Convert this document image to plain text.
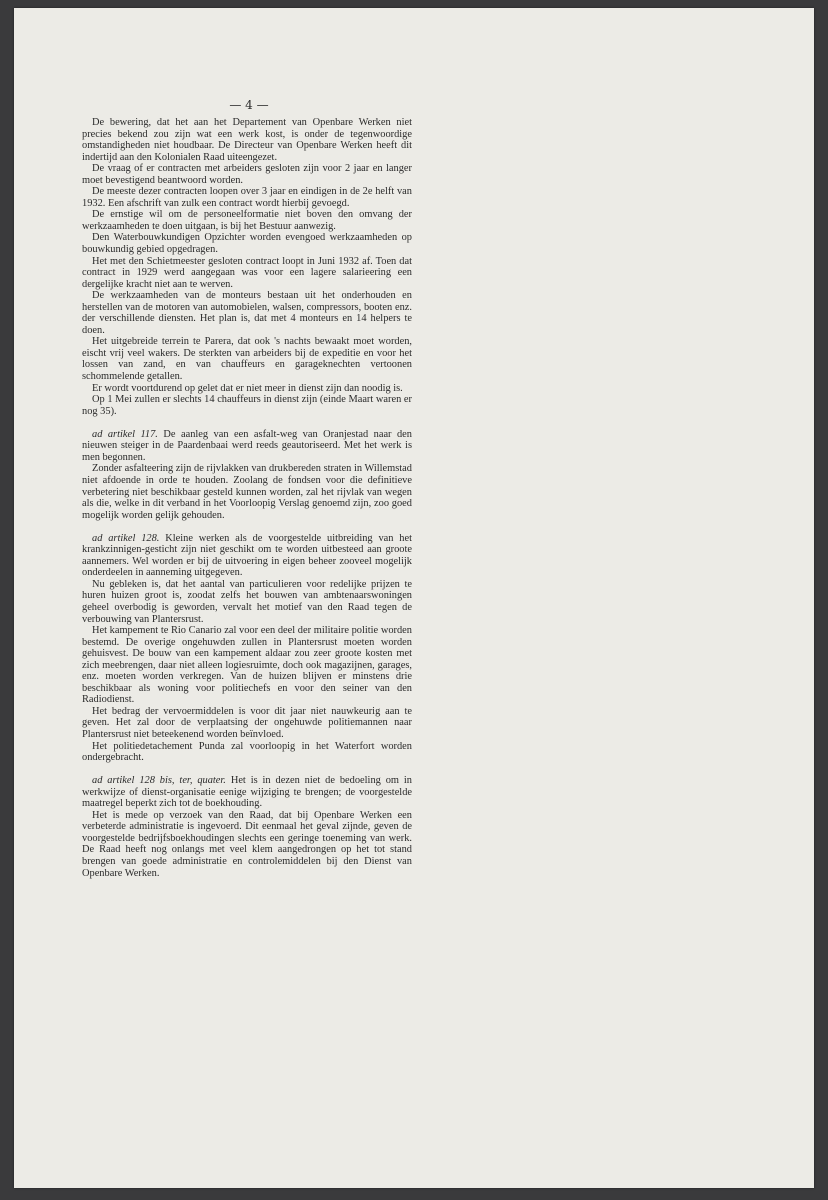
— 4 —

De bewering, dat het aan het Departement van Openbare Werken niet precies bekend zou zijn wat een werk kost, is onder de tegenwoordige omstandigheden niet houdbaar. De Directeur van Openbare Werken heeft dit indertijd aan den Kolonialen Raad uiteengezet.

De vraag of er contracten met arbeiders gesloten zijn voor 2 jaar en langer moet bevestigend beantwoord worden.

De meeste dezer contracten loopen over 3 jaar en eindigen in de 2e helft van 1932. Een afschrift van zulk een contract wordt hierbij gevoegd.

De ernstige wil om de personeelformatie niet boven den omvang der werkzaamheden te doen uitgaan, is bij het Bestuur aanwezig.

Den Waterbouwkundigen Opzichter worden evengoed werkzaamheden op bouwkundig gebied opgedragen.

Het met den Schietmeester gesloten contract loopt in Juni 1932 af. Toen dat contract in 1929 werd aangegaan was voor een lagere salarieering een dergelijke kracht niet aan te werven.

De werkzaamheden van de monteurs bestaan uit het onderhouden en herstellen van de motoren van automobielen, walsen, compressors, booten enz. der verschillende diensten. Het plan is, dat met 4 monteurs en 14 helpers te doen.

Het uitgebreide terrein te Parera, dat ook 's nachts bewaakt moet worden, eischt vrij veel wakers. De sterkten van arbeiders bij de expeditie en voor het lossen van zand, en van chauffeurs en garageknechten vertoonen schommelende getallen.

Er wordt voortdurend op gelet dat er niet meer in dienst zijn dan noodig is.

Op 1 Mei zullen er slechts 14 chauffeurs in dienst zijn (einde Maart waren er nog 35).

ad artikel 117. De aanleg van een asfalt-weg van Oranjestad naar den nieuwen steiger in de Paardenbaai werd reeds geautoriseerd. Met het werk is men begonnen.

Zonder asfalteering zijn de rijvlakken van drukbereden straten in Willemstad niet afdoende in orde te houden. Zoolang de fondsen voor die definitieve verbetering niet beschikbaar gesteld kunnen worden, zal het rijvlak van wegen als die, welke in dit verband in het Voorloopig Verslag genoemd zijn, zoo goed mogelijk worden gelijk gehouden.

ad artikel 128. Kleine werken als de voorgestelde uitbreiding van het krankzinnigen-gesticht zijn niet geschikt om te worden uitbesteed aan groote aannemers. Wel worden er bij de uitvoering in eigen beheer zooveel mogelijk onderdeelen in aanneming uitgegeven.

Nu gebleken is, dat het aantal van particulieren voor redelijke prijzen te huren huizen groot is, zoodat zelfs het bouwen van ambtenaarswoningen geheel overbodig is geworden, vervalt het motief van den Raad tegen de verbouwing van Plantersrust.

Het kampement te Rio Canario zal voor een deel der militaire politie worden bestemd. De overige ongehuwden zullen in Plantersrust moeten worden gehuisvest. De bouw van een kampement aldaar zou zeer groote kosten met zich meebrengen, daar niet alleen logiesruimte, doch ook magazijnen, garages, enz. moeten worden verkregen. Van de huizen blijven er minstens drie beschikbaar als woning voor politiechefs en voor den seiner van den Radiodienst.

Het bedrag der vervoermiddelen is voor dit jaar niet nauwkeurig aan te geven. Het zal door de verplaatsing der ongehuwde politiemannen naar Plantersrust niet beteekenend worden beïnvloed.

Het politiedetachement Punda zal voorloopig in het Waterfort worden ondergebracht.

ad artikel 128 bis, ter, quater. Het is in dezen niet de bedoeling om in werkwijze of dienst-organisatie eenige wijziging te brengen; de voorgestelde maatregel beperkt zich tot de boekhouding.

Het is mede op verzoek van den Raad, dat bij Openbare Werken een verbeterde administratie is ingevoerd. Dit eenmaal het geval zijnde, geven de voorgestelde bedrijfsboekhoudingen slechts een geringe toeneming van werk. De Raad heeft nog onlangs met veel klem aangedrongen op het tot stand brengen van goede administratie en controlemiddelen bij den Dienst van Openbare Werken.
